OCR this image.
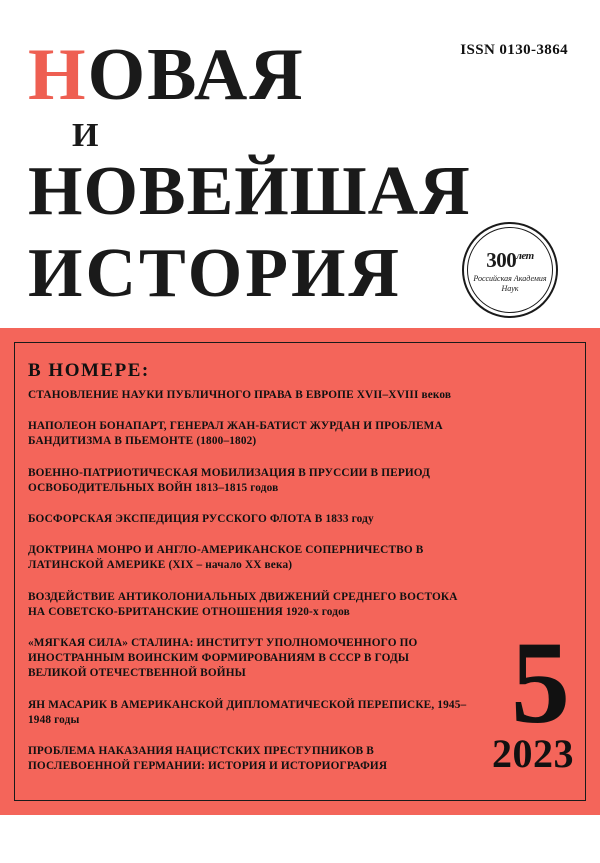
ISSN 0130-3864
НОВАЯ
И
НОВЕЙШАЯ
ИСТОРИЯ	$300^{лет}$
Российская Академия
Наук
В НОМЕРЕ:
СТАНОВЛЕНИЕ НАУКИ ПУБЛИЧНОГО ПРАВА В ЕВРОПЕ XVII–XVIII веков
НАПОЛЕОН БОНАПАРТ, ГЕНЕРАЛ ЖАН-БАТИСТ ЖУРДАН И ПРОБЛЕМА БАНДИТИЗМА В ПЬЕМОНТЕ (1800–1802)
ВОЕННО-ПАТРИОТИЧЕСКАЯ МОБИЛИЗАЦИЯ В ПРУССИИ В ПЕРИОД ОСВОБОДИТЕЛЬНЫХ ВОЙН 1813–1815 годов
БОСФОРСКАЯ ЭКСПЕДИЦИЯ РУССКОГО ФЛОТА В 1833 году
ДОКТРИНА МОНРО И АНГЛО-АМЕРИКАНСКОЕ СОПЕРНИЧЕСТВО В ЛАТИНСКОЙ АМЕРИКЕ (XIX – начало XX века)
ВОЗДЕЙСТВИЕ АНТИКОЛОНИАЛЬНЫХ ДВИЖЕНИЙ СРЕДНЕГО ВОСТОКА НА СОВЕТСКО-БРИТАНСКИЕ ОТНОШЕНИЯ 1920-х годов
«МЯГКАЯ СИЛА» СТАЛИНА: ИНСТИТУТ УПОЛНОМОЧЕННОГО ПО ИНОСТРАННЫМ ВОИНСКИМ ФОРМИРОВАНИЯМ В СССР В ГОДЫ ВЕЛИКОЙ ОТЕЧЕСТВЕННОЙ ВОЙНЫ
ЯН МАСАРИК В АМЕРИКАНСКОЙ ДИПЛОМАТИЧЕСКОЙ ПЕРЕПИСКЕ, 1945–1948 годы
ПРОБЛЕМА НАКАЗАНИЯ НАЦИСТСКИХ ПРЕСТУПНИКОВ В ПОСЛЕВОЕННОЙ ГЕРМАНИИ: ИСТОРИЯ И ИСТОРИОГРАФИЯ
5
2023
